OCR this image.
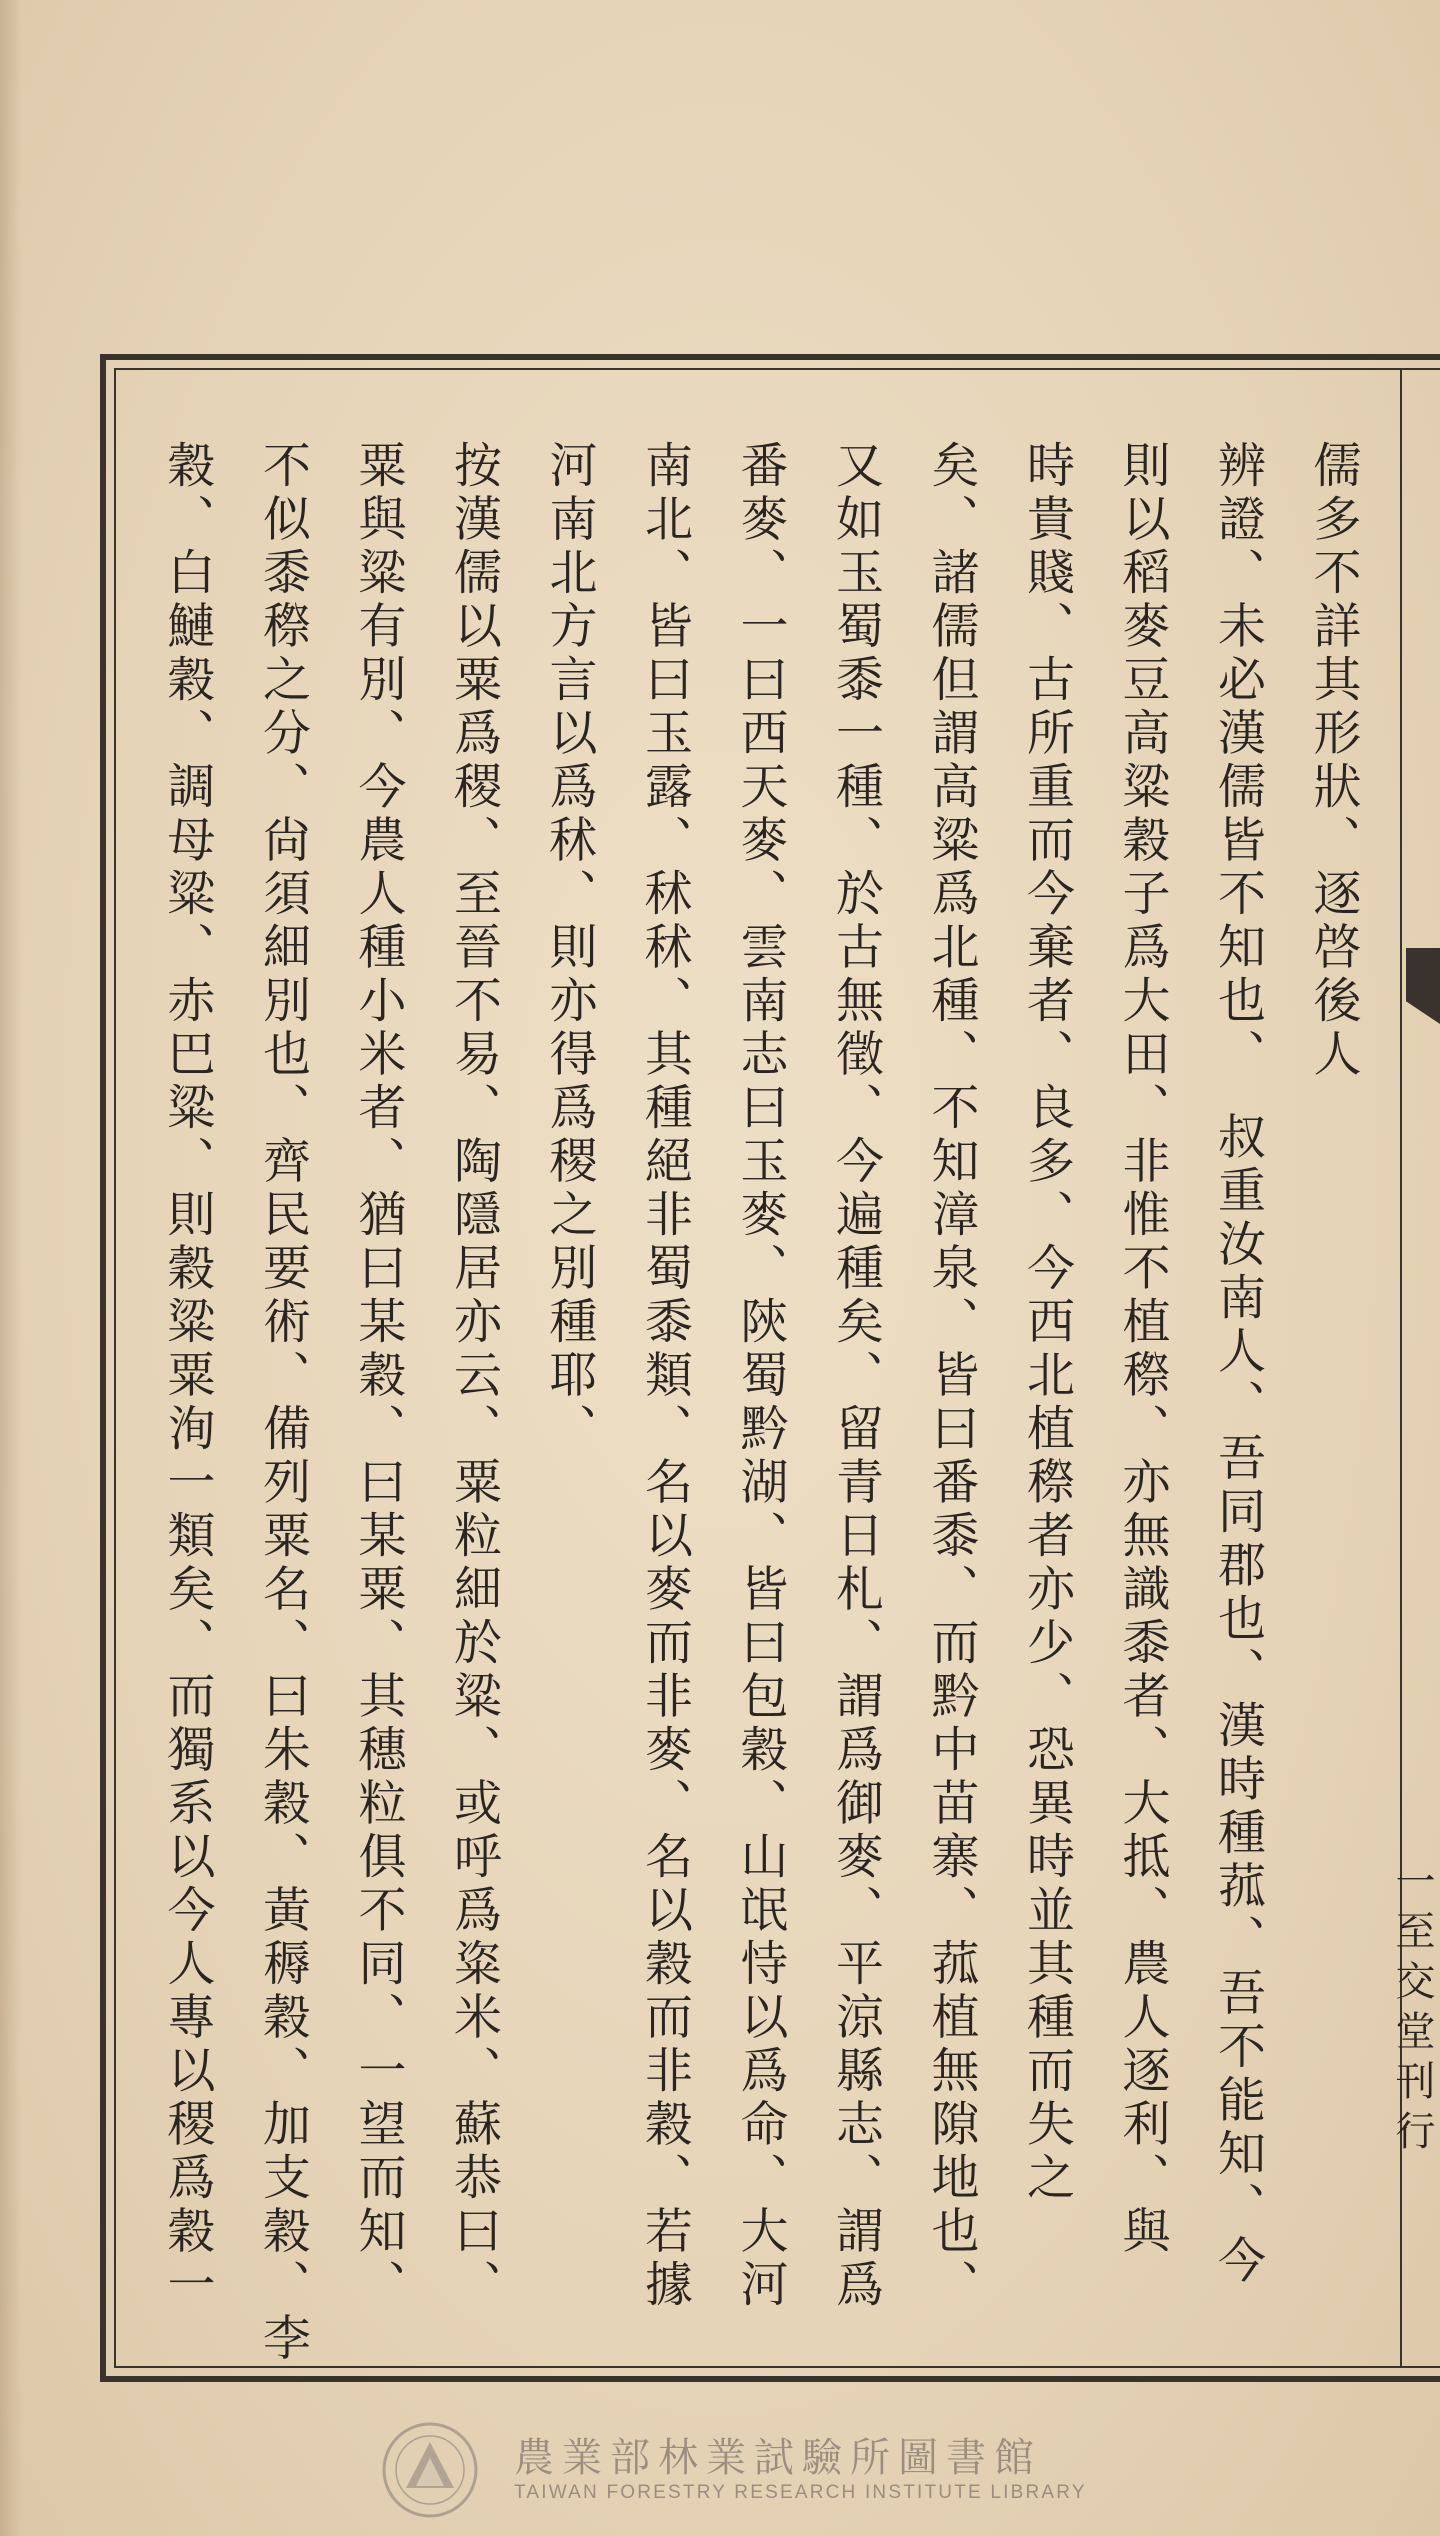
一至交堂刊行
儒多不詳其形狀、逐啓後人
辨證、未必漢儒皆不知也、　叔重汝南人、吾同郡也、漢時種菰、吾不能知、今
則以稻麥豆高粱穀子爲大田、非惟不植穄、亦無識黍者、大抵、農人逐利、與
時貴賤、古所重而今棄者、良多、今西北植穄者亦少、恐異時並其種而失之
矣、諸儒但謂高粱爲北種、不知漳泉、皆曰番黍、而黔中苗寨、菰植無隙地也、
又如玉蜀黍一種、於古無徵、今遍種矣、留青日札、謂爲御麥、平涼縣志、謂爲
番麥、一曰西天麥、雲南志曰玉麥、陝蜀黔湖、皆曰包穀、山氓恃以爲命、大河
南北、皆曰玉露、秫秫、其種絕非蜀黍類、名以麥而非麥、名以穀而非穀、若據
河南北方言以爲秫、則亦得爲稷之別種耶、
按漢儒以粟爲稷、至晉不易、陶隱居亦云、粟粒細於粱、或呼爲粢米、蘇恭曰、
粟與粱有別、今農人種小米者、猶曰某穀、曰某粟、其穗粒俱不同、一望而知、
不似黍穄之分、尙須細別也、齊民要術、備列粟名、曰朱穀、黃䅶穀、加支穀、李
穀、白鰱穀、調母粱、赤巴粱、則穀粱粟洵一類矣、而獨系以今人專以稷爲穀一
農業部林業試驗所圖書館
TAIWAN FORESTRY RESEARCH INSTITUTE LIBRARY
